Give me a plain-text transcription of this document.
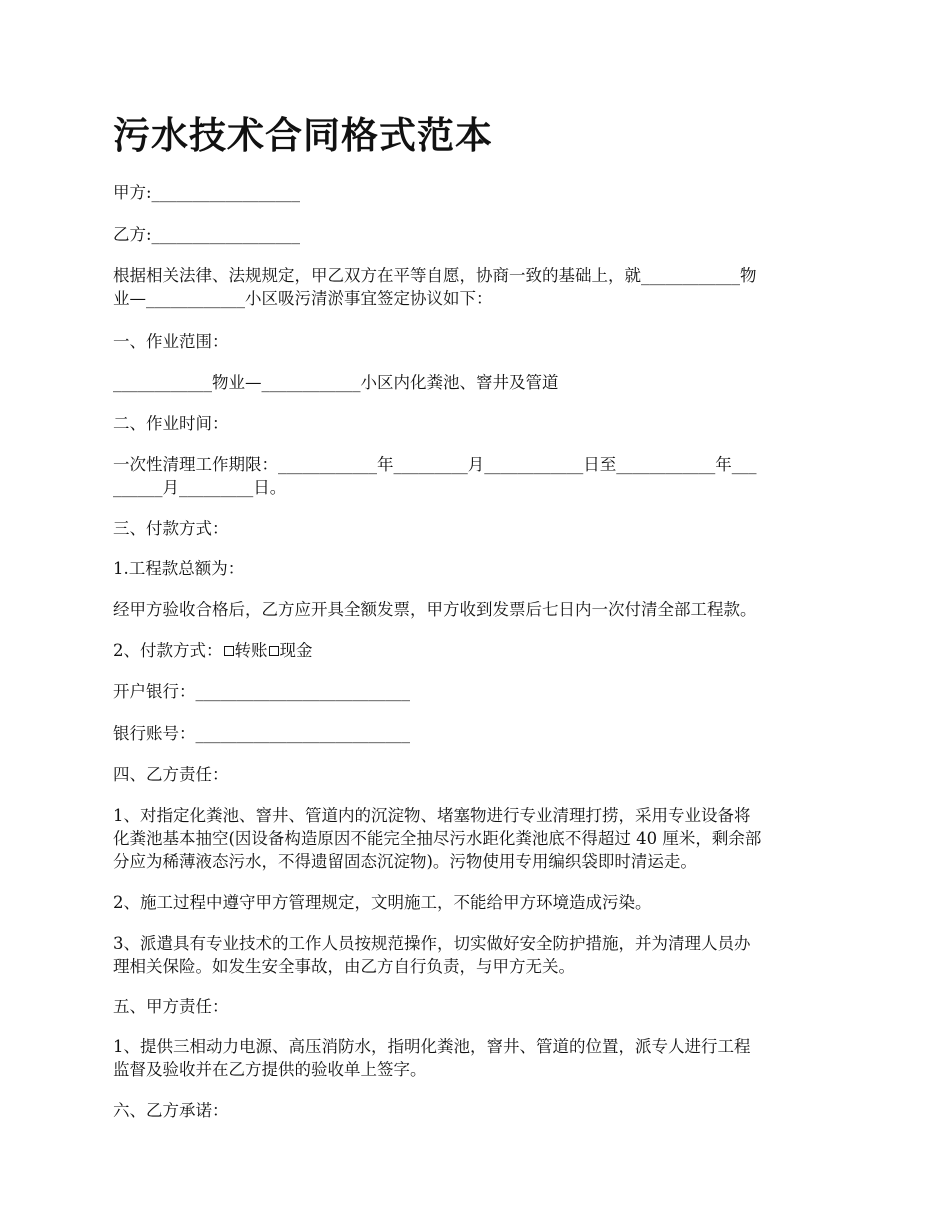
污水技术合同格式范本

甲方:__________________

乙方:__________________

根据相关法律、法规规定，甲乙双方在平等自愿，协商一致的基础上，就____________物
业—____________小区吸污清淤事宜签定协议如下：

一、作业范围：

____________物业—____________小区内化粪池、窨井及管道

二、作业时间：

一次性清理工作期限：____________年_________月____________日至____________年___
______月_________日。

三、付款方式：

1.工程款总额为：

经甲方验收合格后，乙方应开具全额发票，甲方收到发票后七日内一次付清全部工程款。

2、付款方式： 转账 现金

开户银行：__________________________

银行账号：__________________________

四、乙方责任：

1、对指定化粪池、窨井、管道内的沉淀物、堵塞物进行专业清理打捞，采用专业设备将
化粪池基本抽空(因设备构造原因不能完全抽尽污水距化粪池底不得超过 40 厘米，剩余部
分应为稀薄液态污水，不得遗留固态沉淀物)。污物使用专用编织袋即时清运走。

2、施工过程中遵守甲方管理规定，文明施工，不能给甲方环境造成污染。

3、派遣具有专业技术的工作人员按规范操作，切实做好安全防护措施，并为清理人员办
理相关保险。如发生安全事故，由乙方自行负责，与甲方无关。

五、甲方责任：

1、提供三相动力电源、高压消防水，指明化粪池，窨井、管道的位置，派专人进行工程
监督及验收并在乙方提供的验收单上签字。

六、乙方承诺：
